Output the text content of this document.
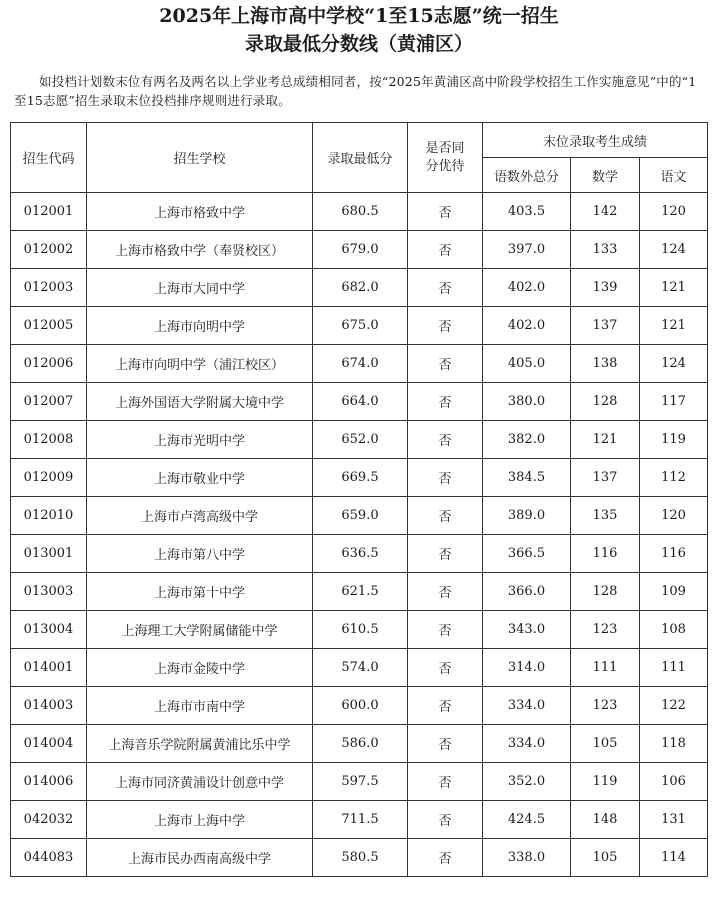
2025年上海市高中学校“1至15志愿”统一招生
录取最低分数线（黄浦区）

如投档计划数末位有两名及两名以上学业考总成绩相同者，按“2025年黄浦区高中阶段学校招生工作实施意见”中的“1至15志愿”招生录取末位投档排序规则进行录取。

招生代码	招生学校	录取最低分	是否同分优待	末位录取考生成绩		
				语数外总分	数学	语文
012001	上海市格致中学	680.5	否	403.5	142	120
012002	上海市格致中学（奉贤校区）	679.0	否	397.0	133	124
012003	上海市大同中学	682.0	否	402.0	139	121
012005	上海市向明中学	675.0	否	402.0	137	121
012006	上海市向明中学（浦江校区）	674.0	否	405.0	138	124
012007	上海外国语大学附属大境中学	664.0	否	380.0	128	117
012008	上海市光明中学	652.0	否	382.0	121	119
012009	上海市敬业中学	669.5	否	384.5	137	112
012010	上海市卢湾高级中学	659.0	否	389.0	135	120
013001	上海市第八中学	636.5	否	366.5	116	116
013003	上海市第十中学	621.5	否	366.0	128	109
013004	上海理工大学附属储能中学	610.5	否	343.0	123	108
014001	上海市金陵中学	574.0	否	314.0	111	111
014003	上海市市南中学	600.0	否	334.0	123	122
014004	上海音乐学院附属黄浦比乐中学	586.0	否	334.0	105	118
014006	上海市同济黄浦设计创意中学	597.5	否	352.0	119	106
042032	上海市上海中学	711.5	否	424.5	148	131
044083	上海市民办西南高级中学	580.5	否	338.0	105	114
